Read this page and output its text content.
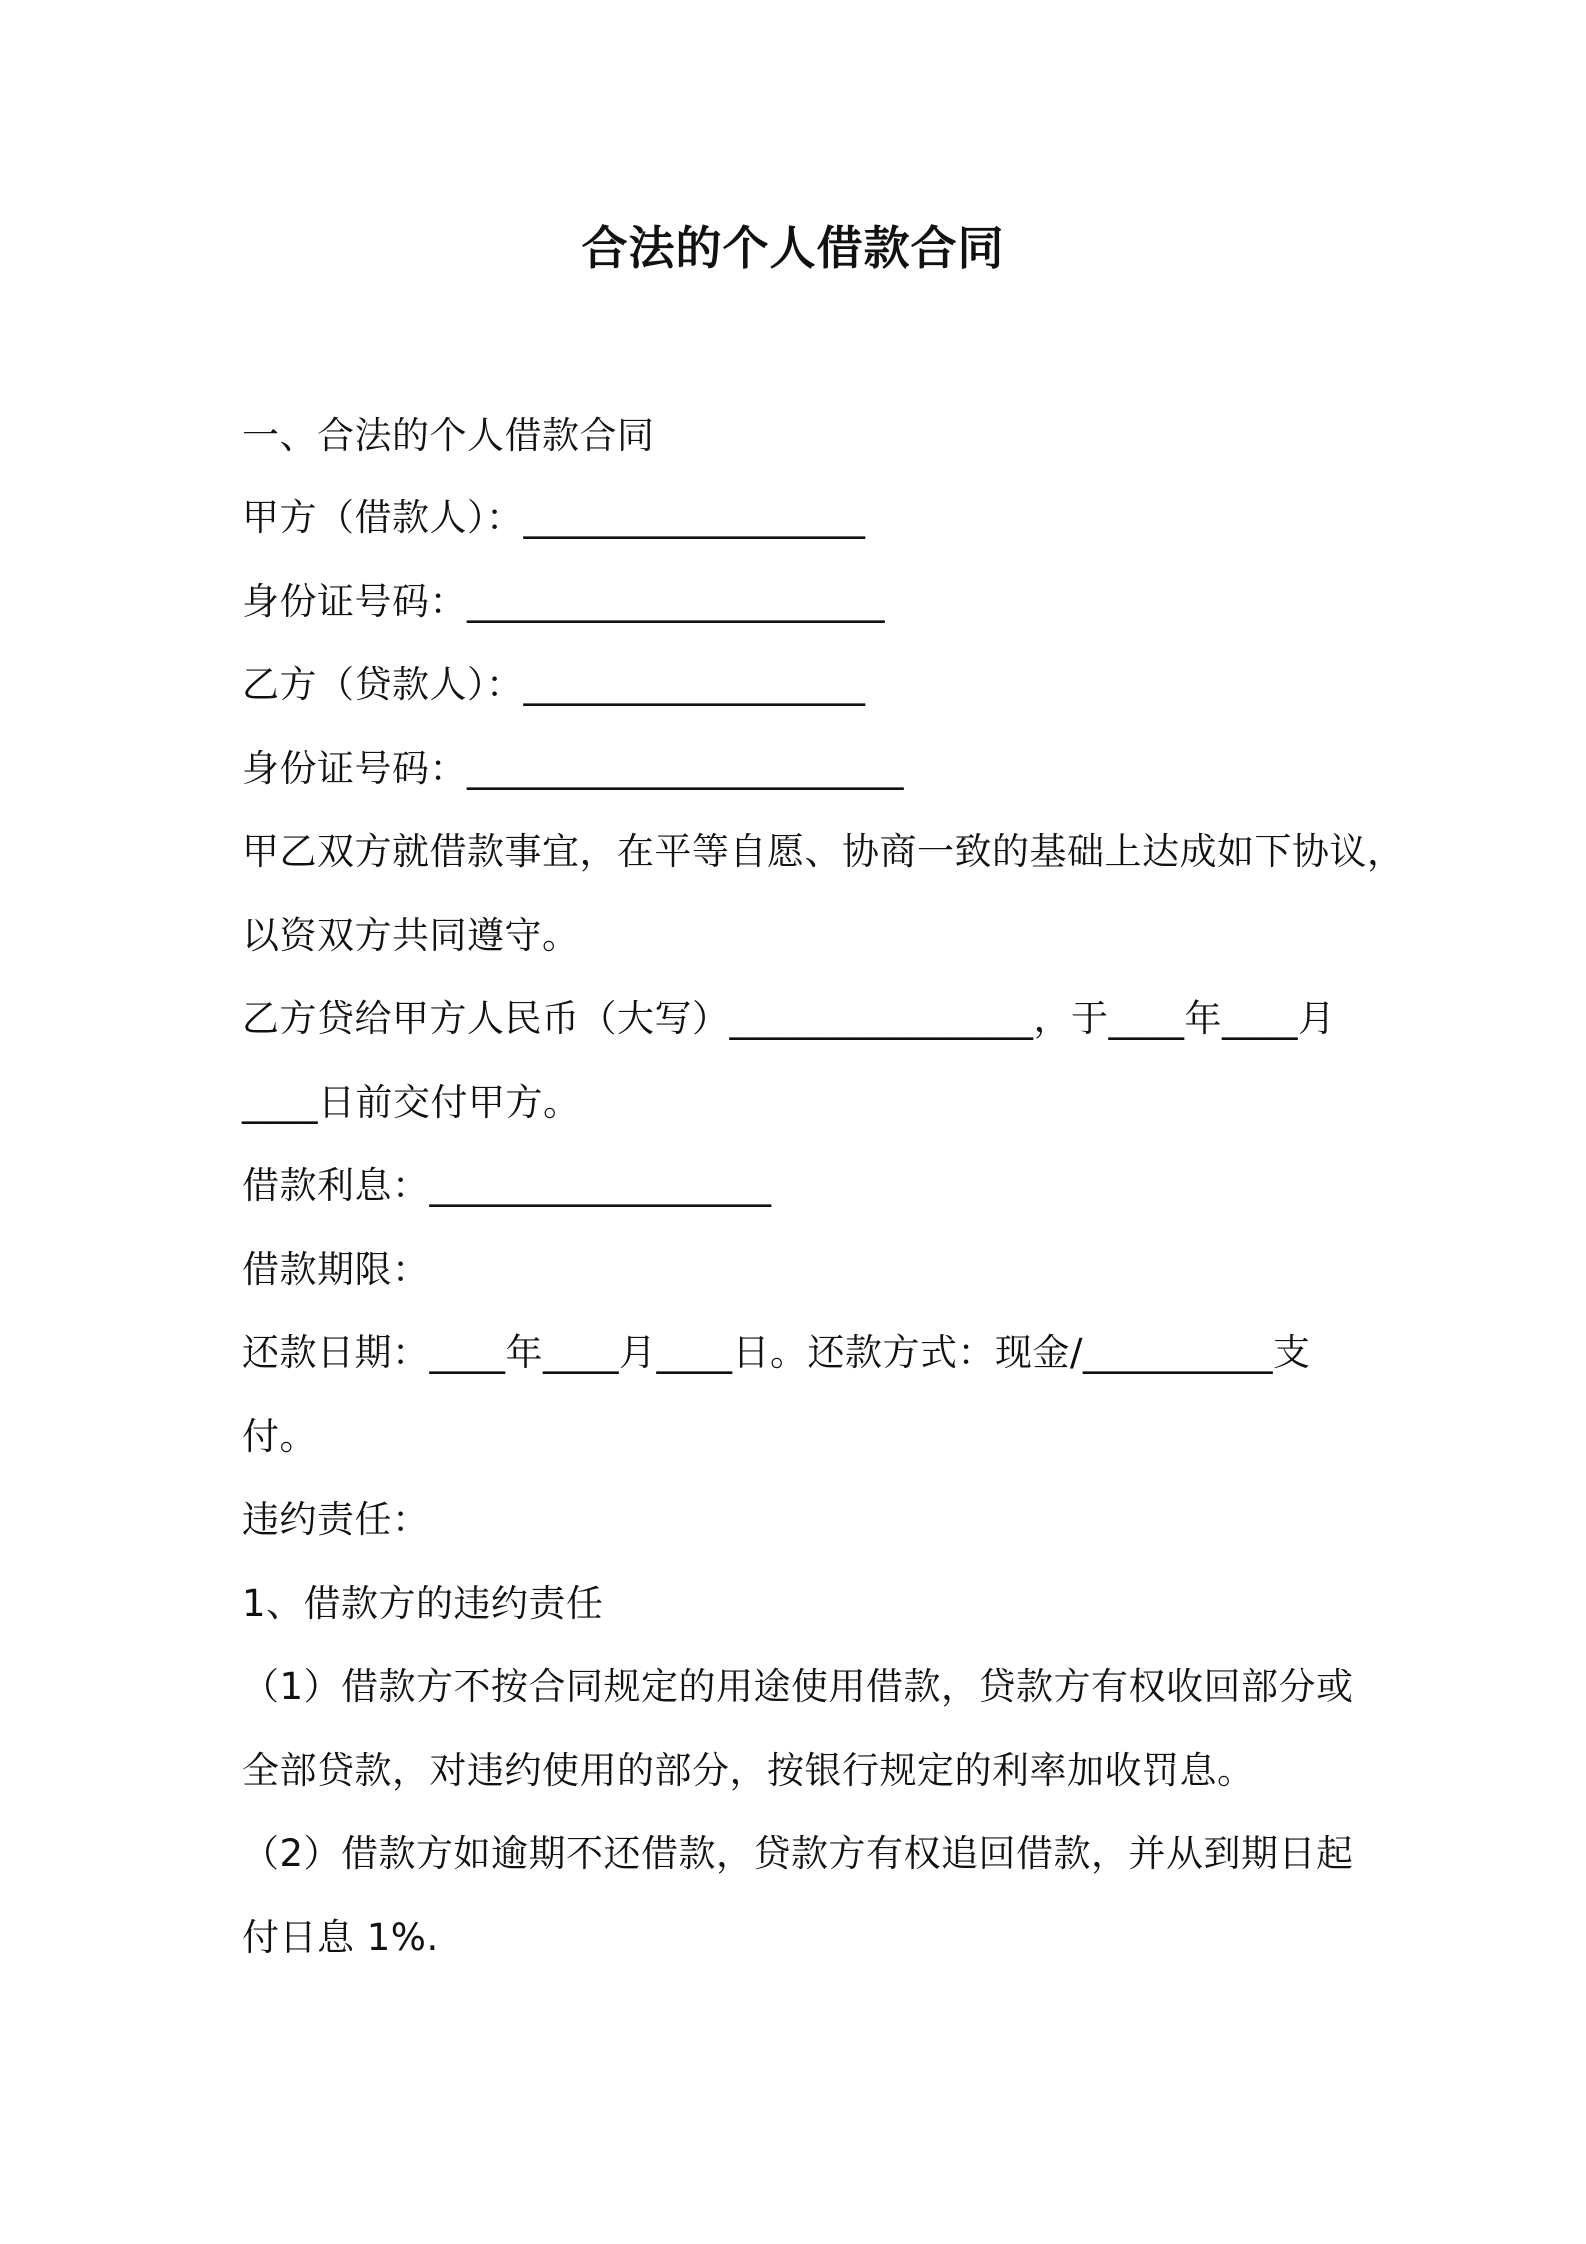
合法的个人借款合同
一、合法的个人借款合同
甲方（借款人）：__________________
身份证号码：______________________
乙方（贷款人）：__________________
身份证号码：_______________________
甲乙双方就借款事宜，在平等自愿、协商一致的基础上达成如下协议，
以资双方共同遵守。
乙方贷给甲方人民币（大写）________________，于____年____月
____日前交付甲方。
借款利息：__________________
借款期限：
还款日期：____年____月____日。还款方式：现金/__________支
付。
违约责任：
1、借款方的违约责任
（1）借款方不按合同规定的用途使用借款，贷款方有权收回部分或
全部贷款，对违约使用的部分，按银行规定的利率加收罚息。
（2）借款方如逾期不还借款，贷款方有权追回借款，并从到期日起
付日息 1%.
